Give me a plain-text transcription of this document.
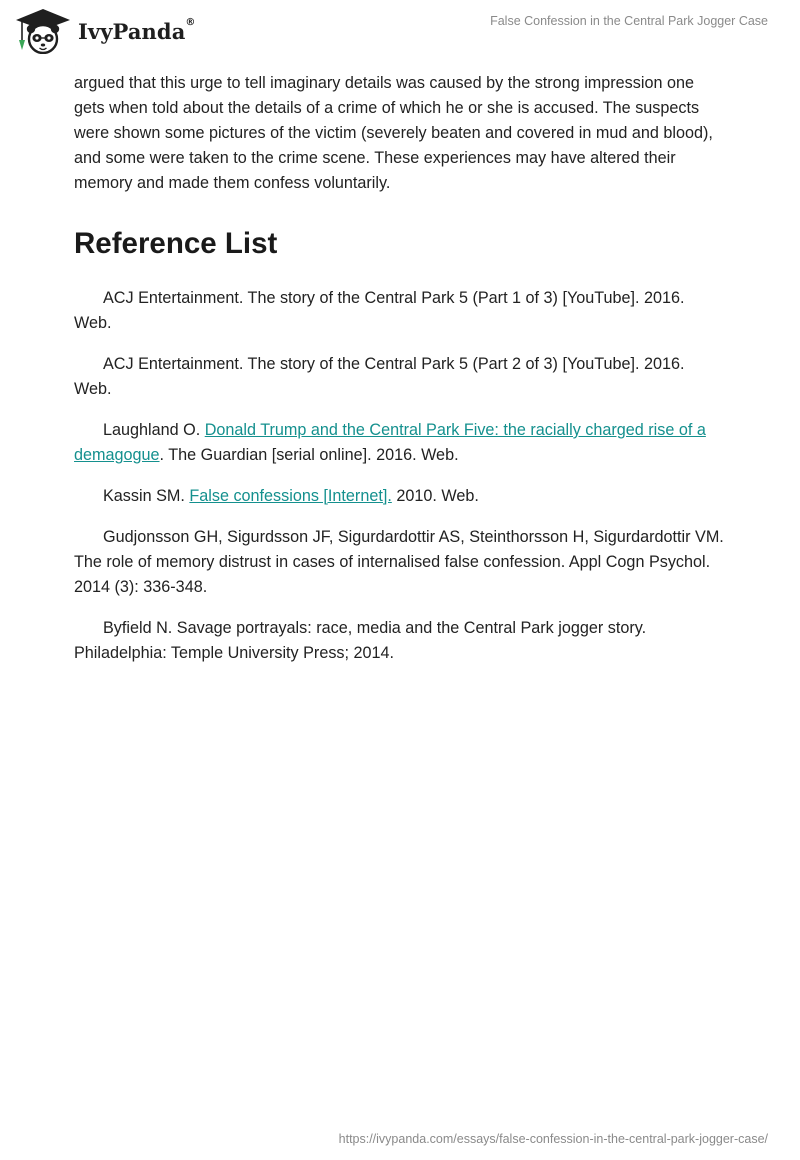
IvyPanda®	False Confession in the Central Park Jogger Case

argued that this urge to tell imaginary details was caused by the strong impression one gets when told about the details of a crime of which he or she is accused. The suspects were shown some pictures of the victim (severely beaten and covered in mud and blood), and some were taken to the crime scene. These experiences may have altered their memory and made them confess voluntarily.

Reference List

ACJ Entertainment. The story of the Central Park 5 (Part 1 of 3) [YouTube]. 2016. Web.

ACJ Entertainment. The story of the Central Park 5 (Part 2 of 3) [YouTube]. 2016. Web.

Laughland O. Donald Trump and the Central Park Five: the racially charged rise of a demagogue. The Guardian [serial online]. 2016. Web.

Kassin SM. False confessions [Internet]. 2010. Web.

Gudjonsson GH, Sigurdsson JF, Sigurdardottir AS, Steinthorsson H, Sigurdardottir VM. The role of memory distrust in cases of internalised false confession. Appl Cogn Psychol. 2014 (3): 336-348.

Byfield N. Savage portrayals: race, media and the Central Park jogger story. Philadelphia: Temple University Press; 2014.

https://ivypanda.com/essays/false-confession-in-the-central-park-jogger-case/
